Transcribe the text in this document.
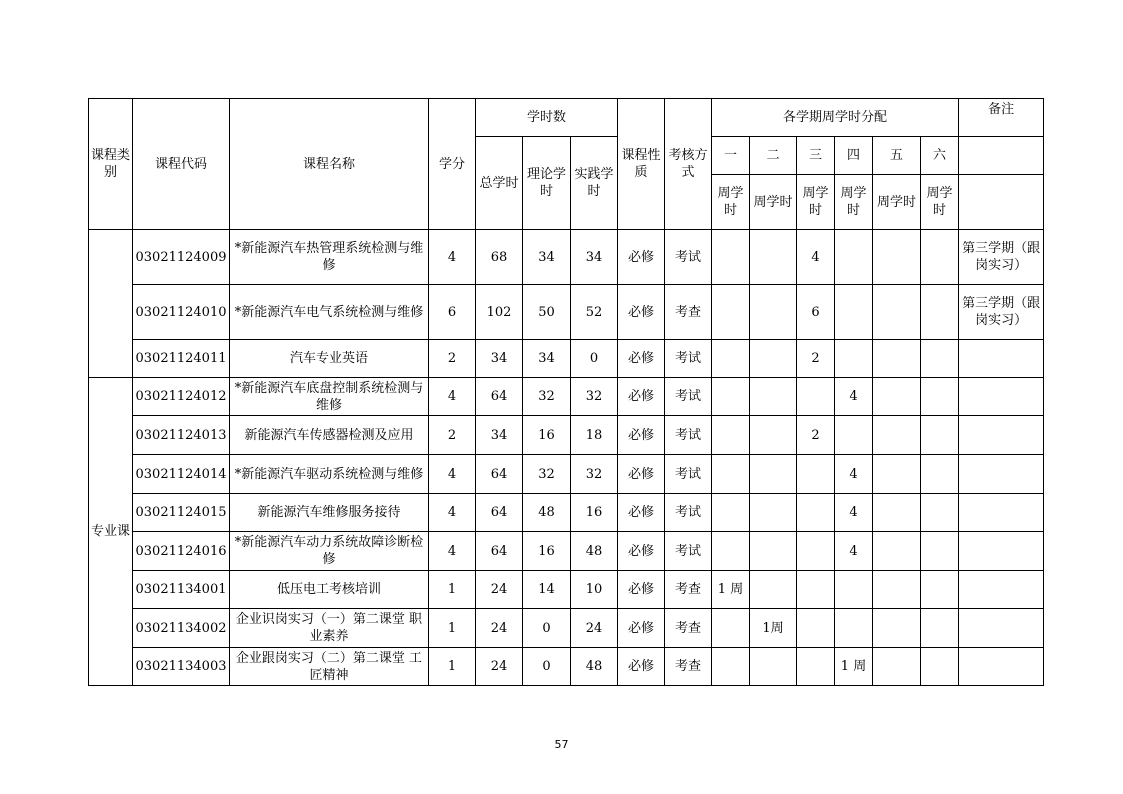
课程类别	课程代码	课程名称	学分	学时数			课程性质	考核方式	各学期周学时分配						备注
				总学时	理论学时	实践学时			一	二	三	四	五	六	
									周学时	周学时	周学时	周学时	周学时	周学时	
	03021124009	*新能源汽车热管理系统检测与维修	4	68	34	34	必修	考试			4				第三学期（跟岗实习）
	03021124010	*新能源汽车电气系统检测与维修	6	102	50	52	必修	考查			6				第三学期（跟岗实习）
	03021124011	汽车专业英语	2	34	34	0	必修	考试			2				
专业课	03021124012	*新能源汽车底盘控制系统检测与维修	4	64	32	32	必修	考试				4			
	03021124013	新能源汽车传感器检测及应用	2	34	16	18	必修	考试			2				
	03021124014	*新能源汽车驱动系统检测与维修	4	64	32	32	必修	考试				4			
	03021124015	新能源汽车维修服务接待	4	64	48	16	必修	考试				4			
	03021124016	*新能源汽车动力系统故障诊断检修	4	64	16	48	必修	考试				4			
	03021134001	低压电工考核培训	1	24	14	10	必修	考查	1 周						
	03021134002	企业识岗实习（一）第二课堂 职业素养	1	24	0	24	必修	考查		1周					
	03021134003	企业跟岗实习（二）第二课堂 工匠精神	1	24	0	48	必修	考查				1 周			
57
